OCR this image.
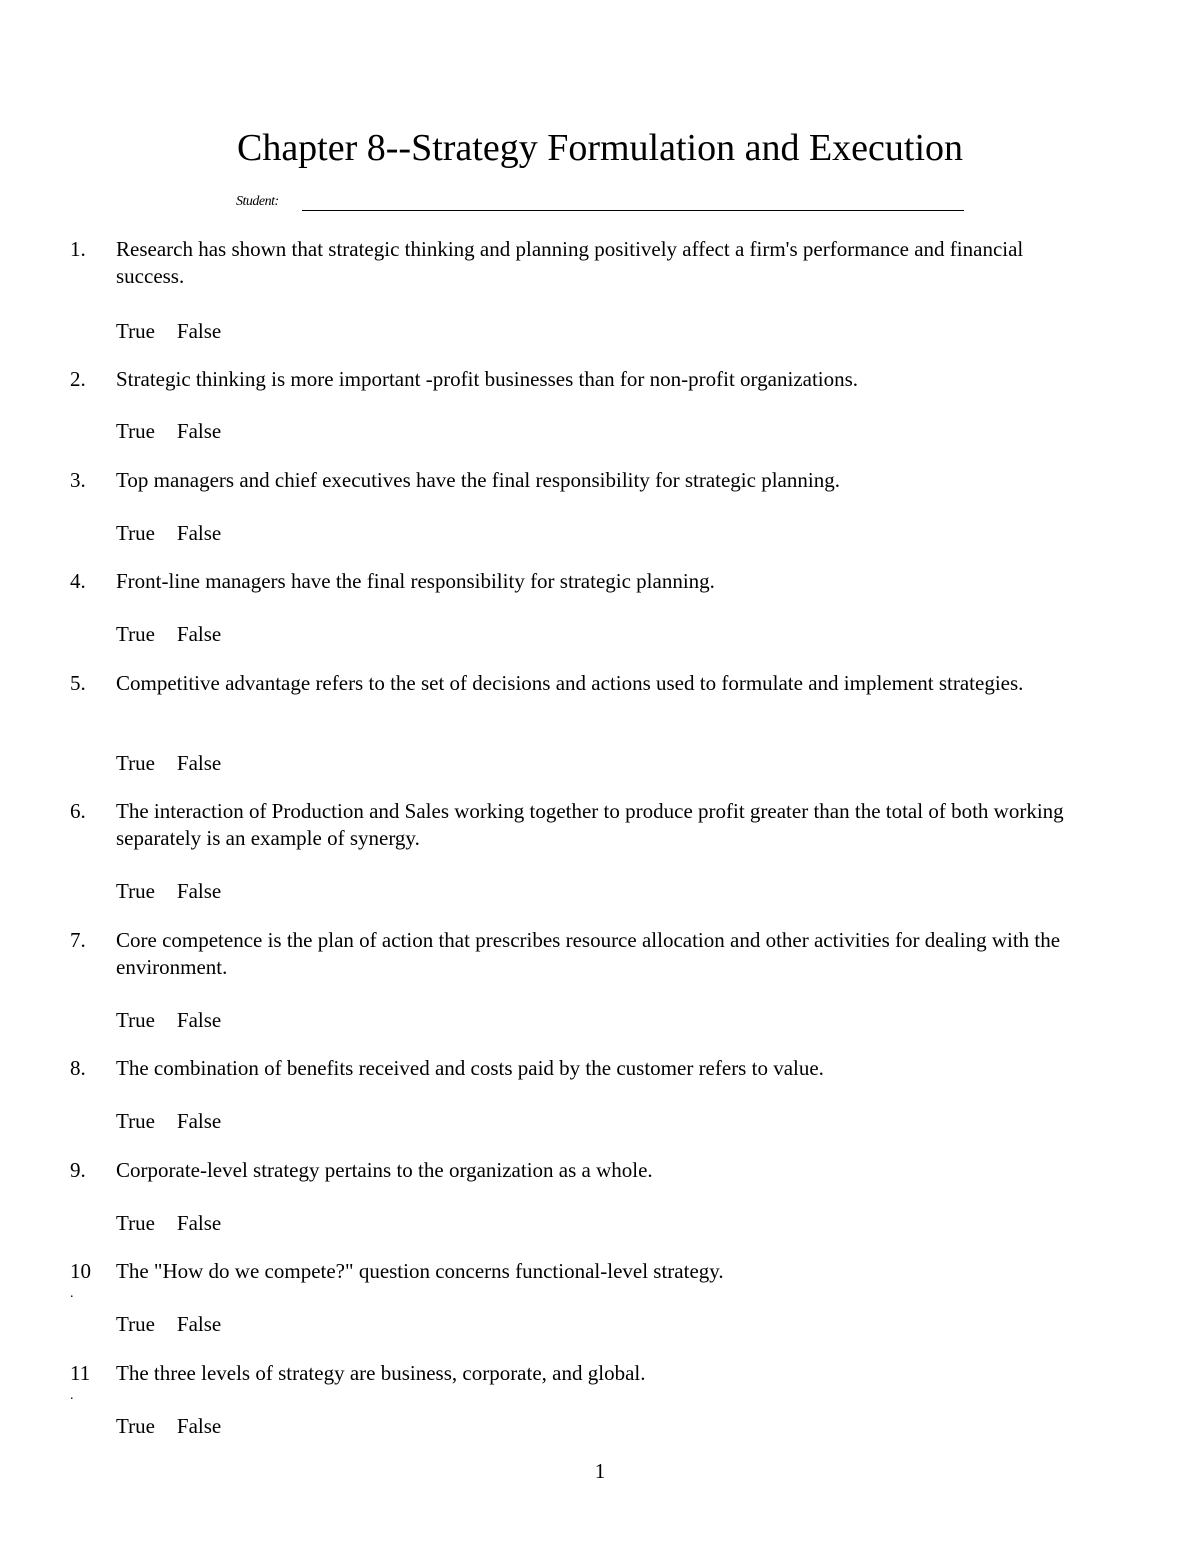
Chapter 8--Strategy Formulation and Execution
Student:
1. Research has shown that strategic thinking and planning positively affect a firm's performance and financial success.
True False
2. Strategic thinking is more important -profit businesses than for non-profit organizations.
True False
3. Top managers and chief executives have the final responsibility for strategic planning.
True False
4. Front-line managers have the final responsibility for strategic planning.
True False
5. Competitive advantage refers to the set of decisions and actions used to formulate and implement strategies.
True False
6. The interaction of Production and Sales working together to produce profit greater than the total of both working separately is an example of synergy.
True False
7. Core competence is the plan of action that prescribes resource allocation and other activities for dealing with the environment.
True False
8. The combination of benefits received and costs paid by the customer refers to value.
True False
9. Corporate-level strategy pertains to the organization as a whole.
True False
10
.
The "How do we compete?" question concerns functional-level strategy.
True False
11
.
The three levels of strategy are business, corporate, and global.
True False
1
